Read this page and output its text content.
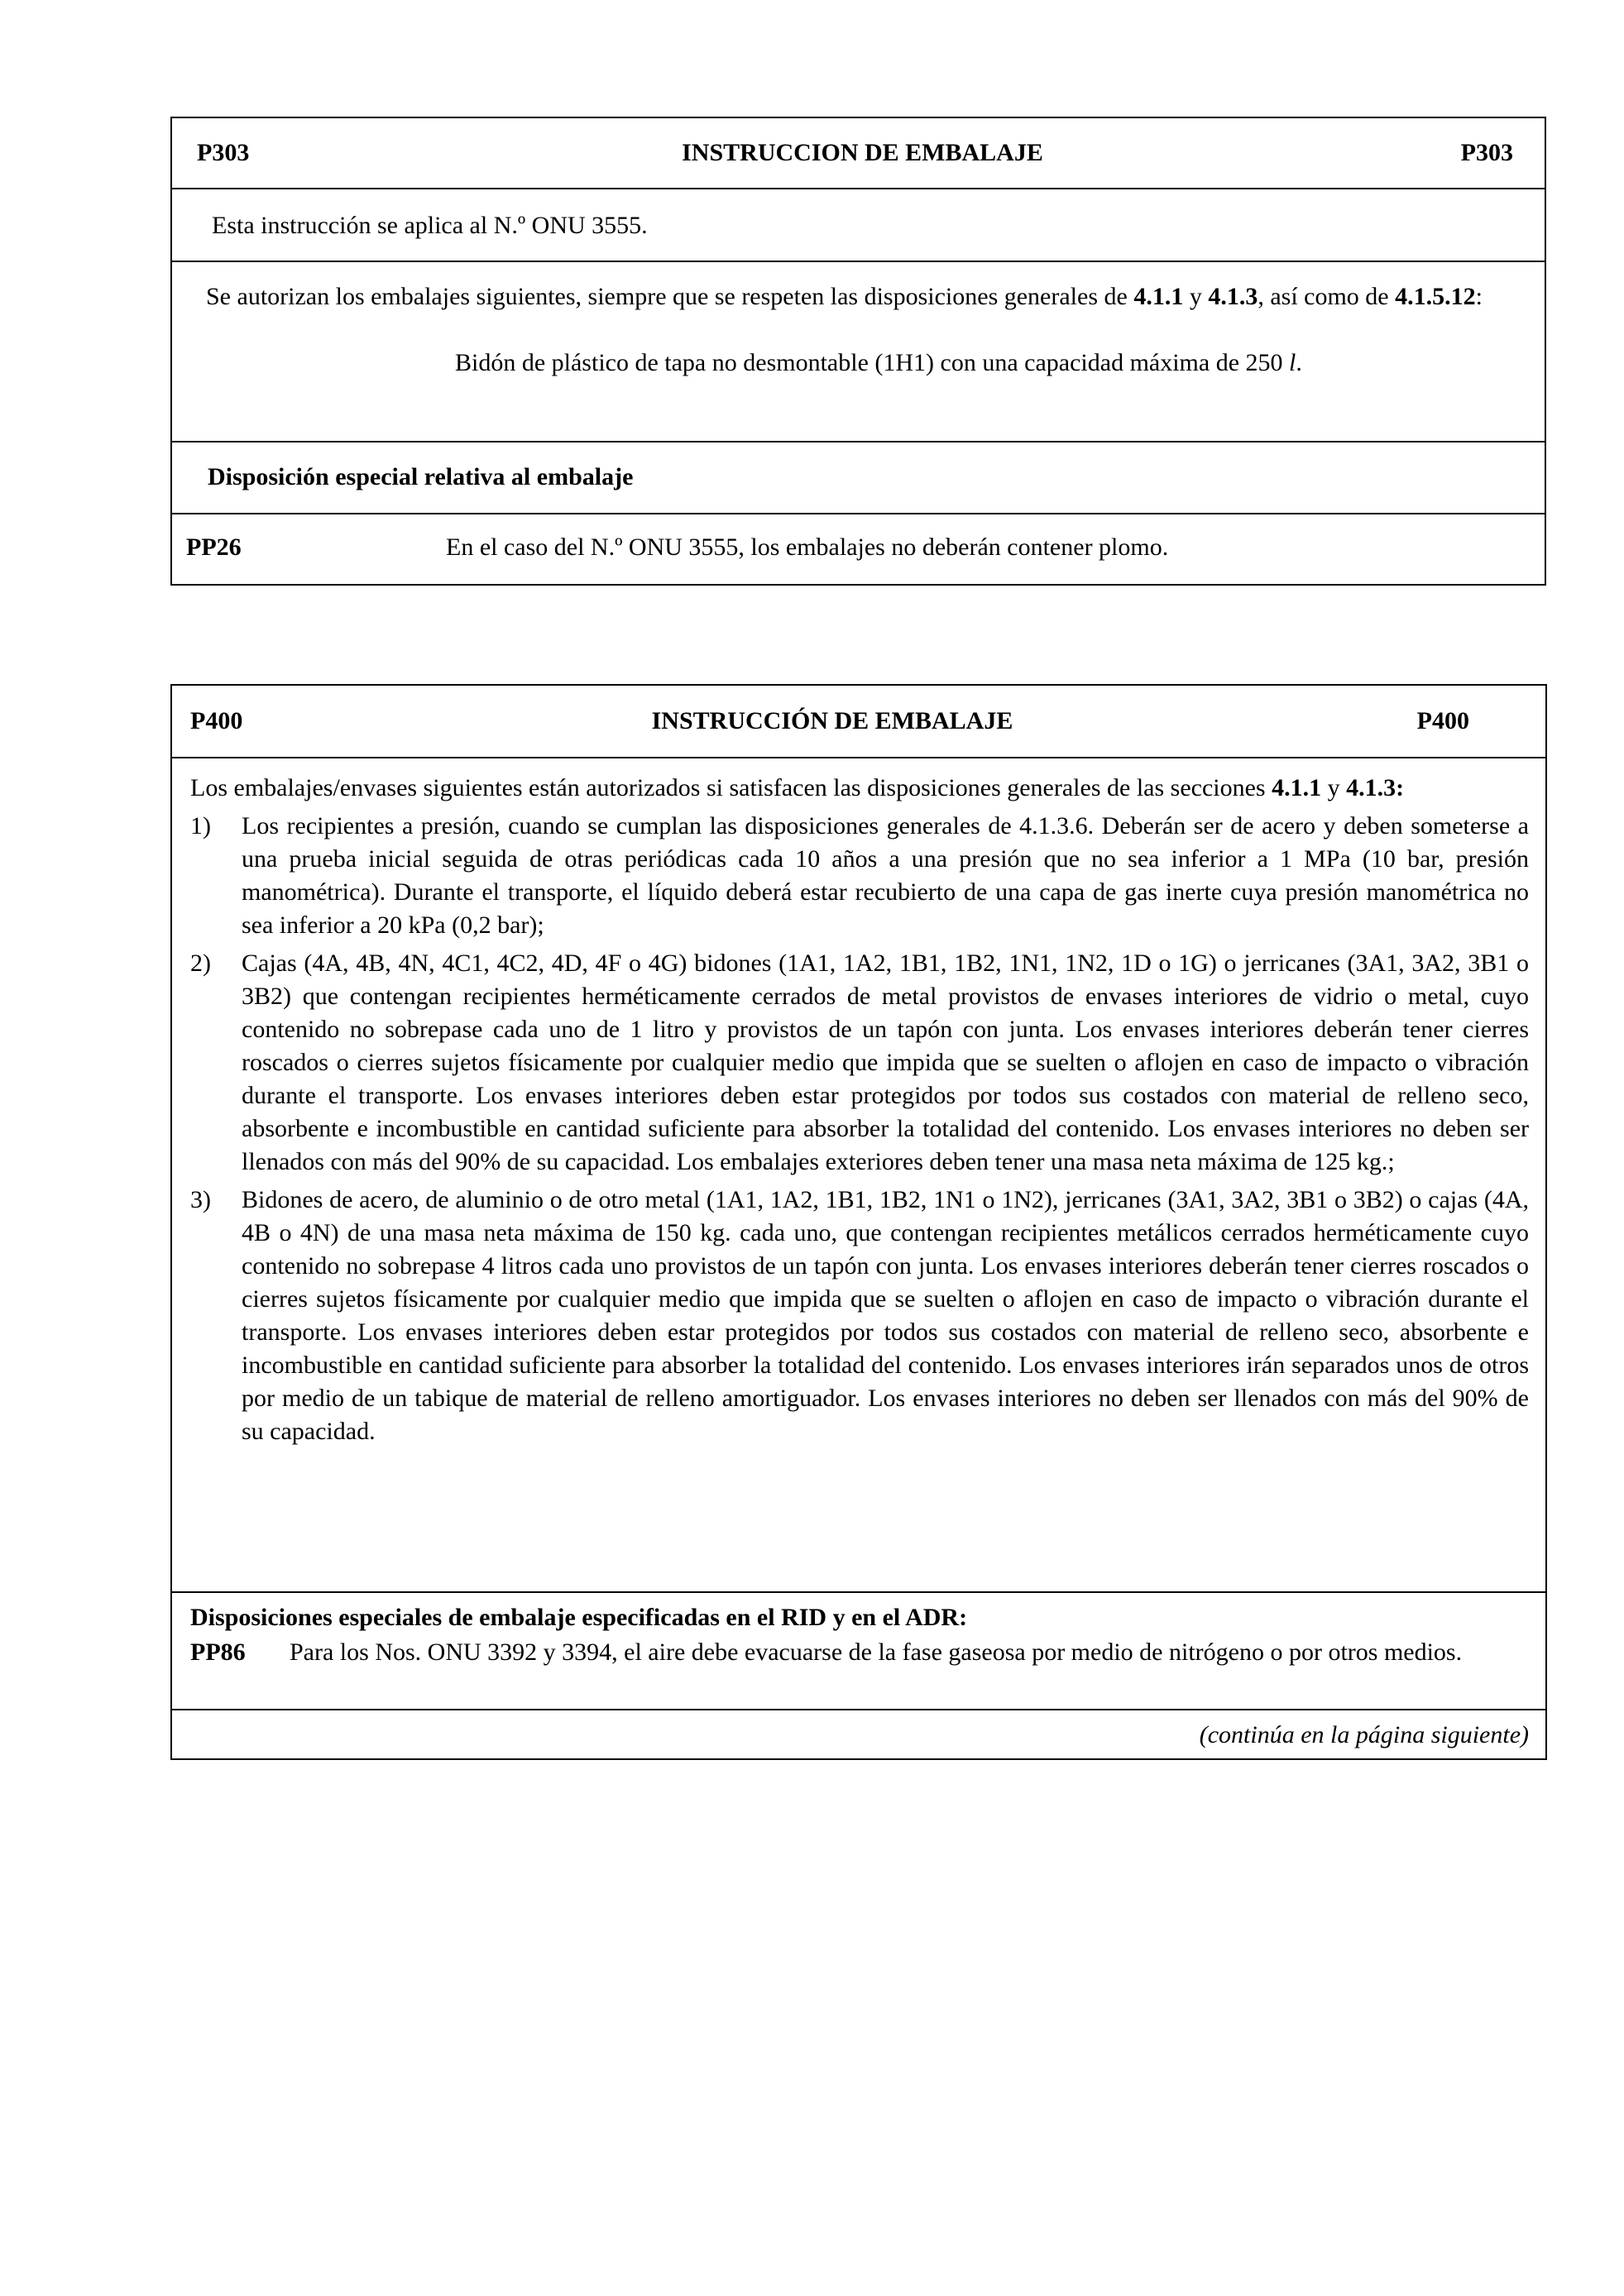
P303	INSTRUCCION DE EMBALAJE	P303
Esta instrucción se aplica al N.º ONU 3555.
Se autorizan los embalajes siguientes, siempre que se respeten las disposiciones generales de 4.1.1 y 4.1.3, así como de 4.1.5.12:
Bidón de plástico de tapa no desmontable (1H1) con una capacidad máxima de 250 l.
Disposición especial relativa al embalaje
PP26	En el caso del N.º ONU 3555, los embalajes no deberán contener plomo.
P400	INSTRUCCIÓN DE EMBALAJE	P400
Los embalajes/envases siguientes están autorizados si satisfacen las disposiciones generales de las secciones 4.1.1 y 4.1.3:
1)	Los recipientes a presión, cuando se cumplan las disposiciones generales de 4.1.3.6. Deberán ser de acero y deben someterse a una prueba inicial seguida de otras periódicas cada 10 años a una presión que no sea inferior a 1 MPa (10 bar, presión manométrica). Durante el transporte, el líquido deberá estar recubierto de una capa de gas inerte cuya presión manométrica no sea inferior a 20 kPa (0,2 bar);
2)	Cajas (4A, 4B, 4N, 4C1, 4C2, 4D, 4F o 4G) bidones (1A1, 1A2, 1B1, 1B2, 1N1, 1N2, 1D o 1G) o jerricanes (3A1, 3A2, 3B1 o 3B2) que contengan recipientes herméticamente cerrados de metal provistos de envases interiores de vidrio o metal, cuyo contenido no sobrepase cada uno de 1 litro y provistos de un tapón con junta. Los envases interiores deberán tener cierres roscados o cierres sujetos físicamente por cualquier medio que impida que se suelten o aflojen en caso de impacto o vibración durante el transporte. Los envases interiores deben estar protegidos por todos sus costados con material de relleno seco, absorbente e incombustible en cantidad suficiente para absorber la totalidad del contenido. Los envases interiores no deben ser llenados con más del 90% de su capacidad. Los embalajes exteriores deben tener una masa neta máxima de 125 kg.;
3)	Bidones de acero, de aluminio o de otro metal (1A1, 1A2, 1B1, 1B2, 1N1 o 1N2), jerricanes (3A1, 3A2, 3B1 o 3B2) o cajas (4A, 4B o 4N) de una masa neta máxima de 150 kg. cada uno, que contengan recipientes metálicos cerrados herméticamente cuyo contenido no sobrepase 4 litros cada uno provistos de un tapón con junta. Los envases interiores deberán tener cierres roscados o cierres sujetos físicamente por cualquier medio que impida que se suelten o aflojen en caso de impacto o vibración durante el transporte. Los envases interiores deben estar protegidos por todos sus costados con material de relleno seco, absorbente e incombustible en cantidad suficiente para absorber la totalidad del contenido. Los envases interiores irán separados unos de otros por medio de un tabique de material de relleno amortiguador. Los envases interiores no deben ser llenados con más del 90% de su capacidad.
Disposiciones especiales de embalaje especificadas en el RID y en el ADR:
PP86	Para los Nos. ONU 3392 y 3394, el aire debe evacuarse de la fase gaseosa por medio de nitrógeno o por otros medios.
(continúa en la página siguiente)
